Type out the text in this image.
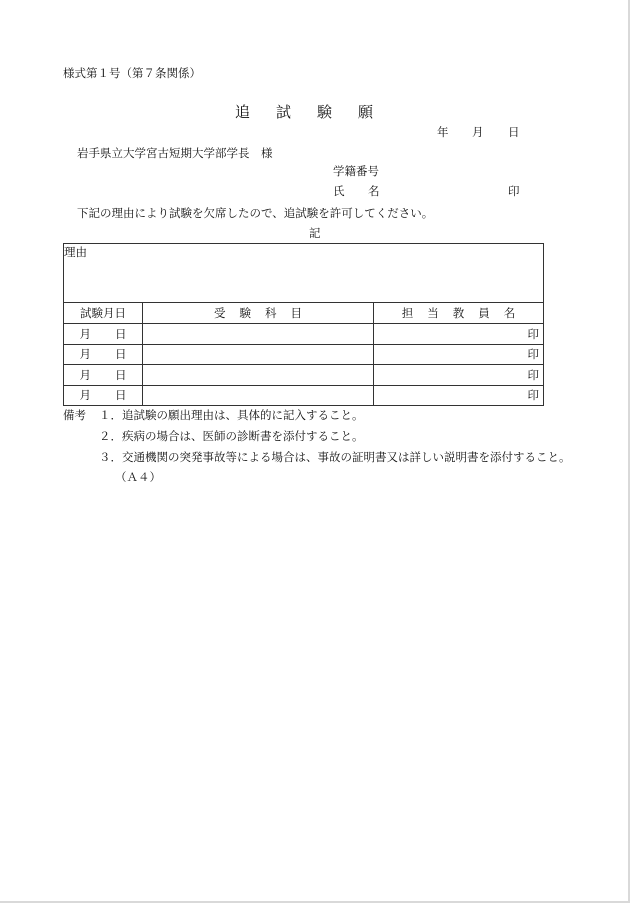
様式第１号（第７条関係）
追 試 験 願
年 月 日
岩手県立大学宮古短期大学部学長　様
学籍番号
氏 名	印
下記の理由により試験を欠席したので、追試験を許可してください。
記
理由		
試験月日	受 験 科 目	担 当 教 員 名
月 日		印
月 日		印
月 日		印
月 日		印
備考 １．追試験の願出理由は、具体的に記入すること。
２．疾病の場合は、医師の診断書を添付すること。
３．交通機関の突発事故等による場合は、事故の証明書又は詳しい説明書を添付すること。
（Ａ４）
